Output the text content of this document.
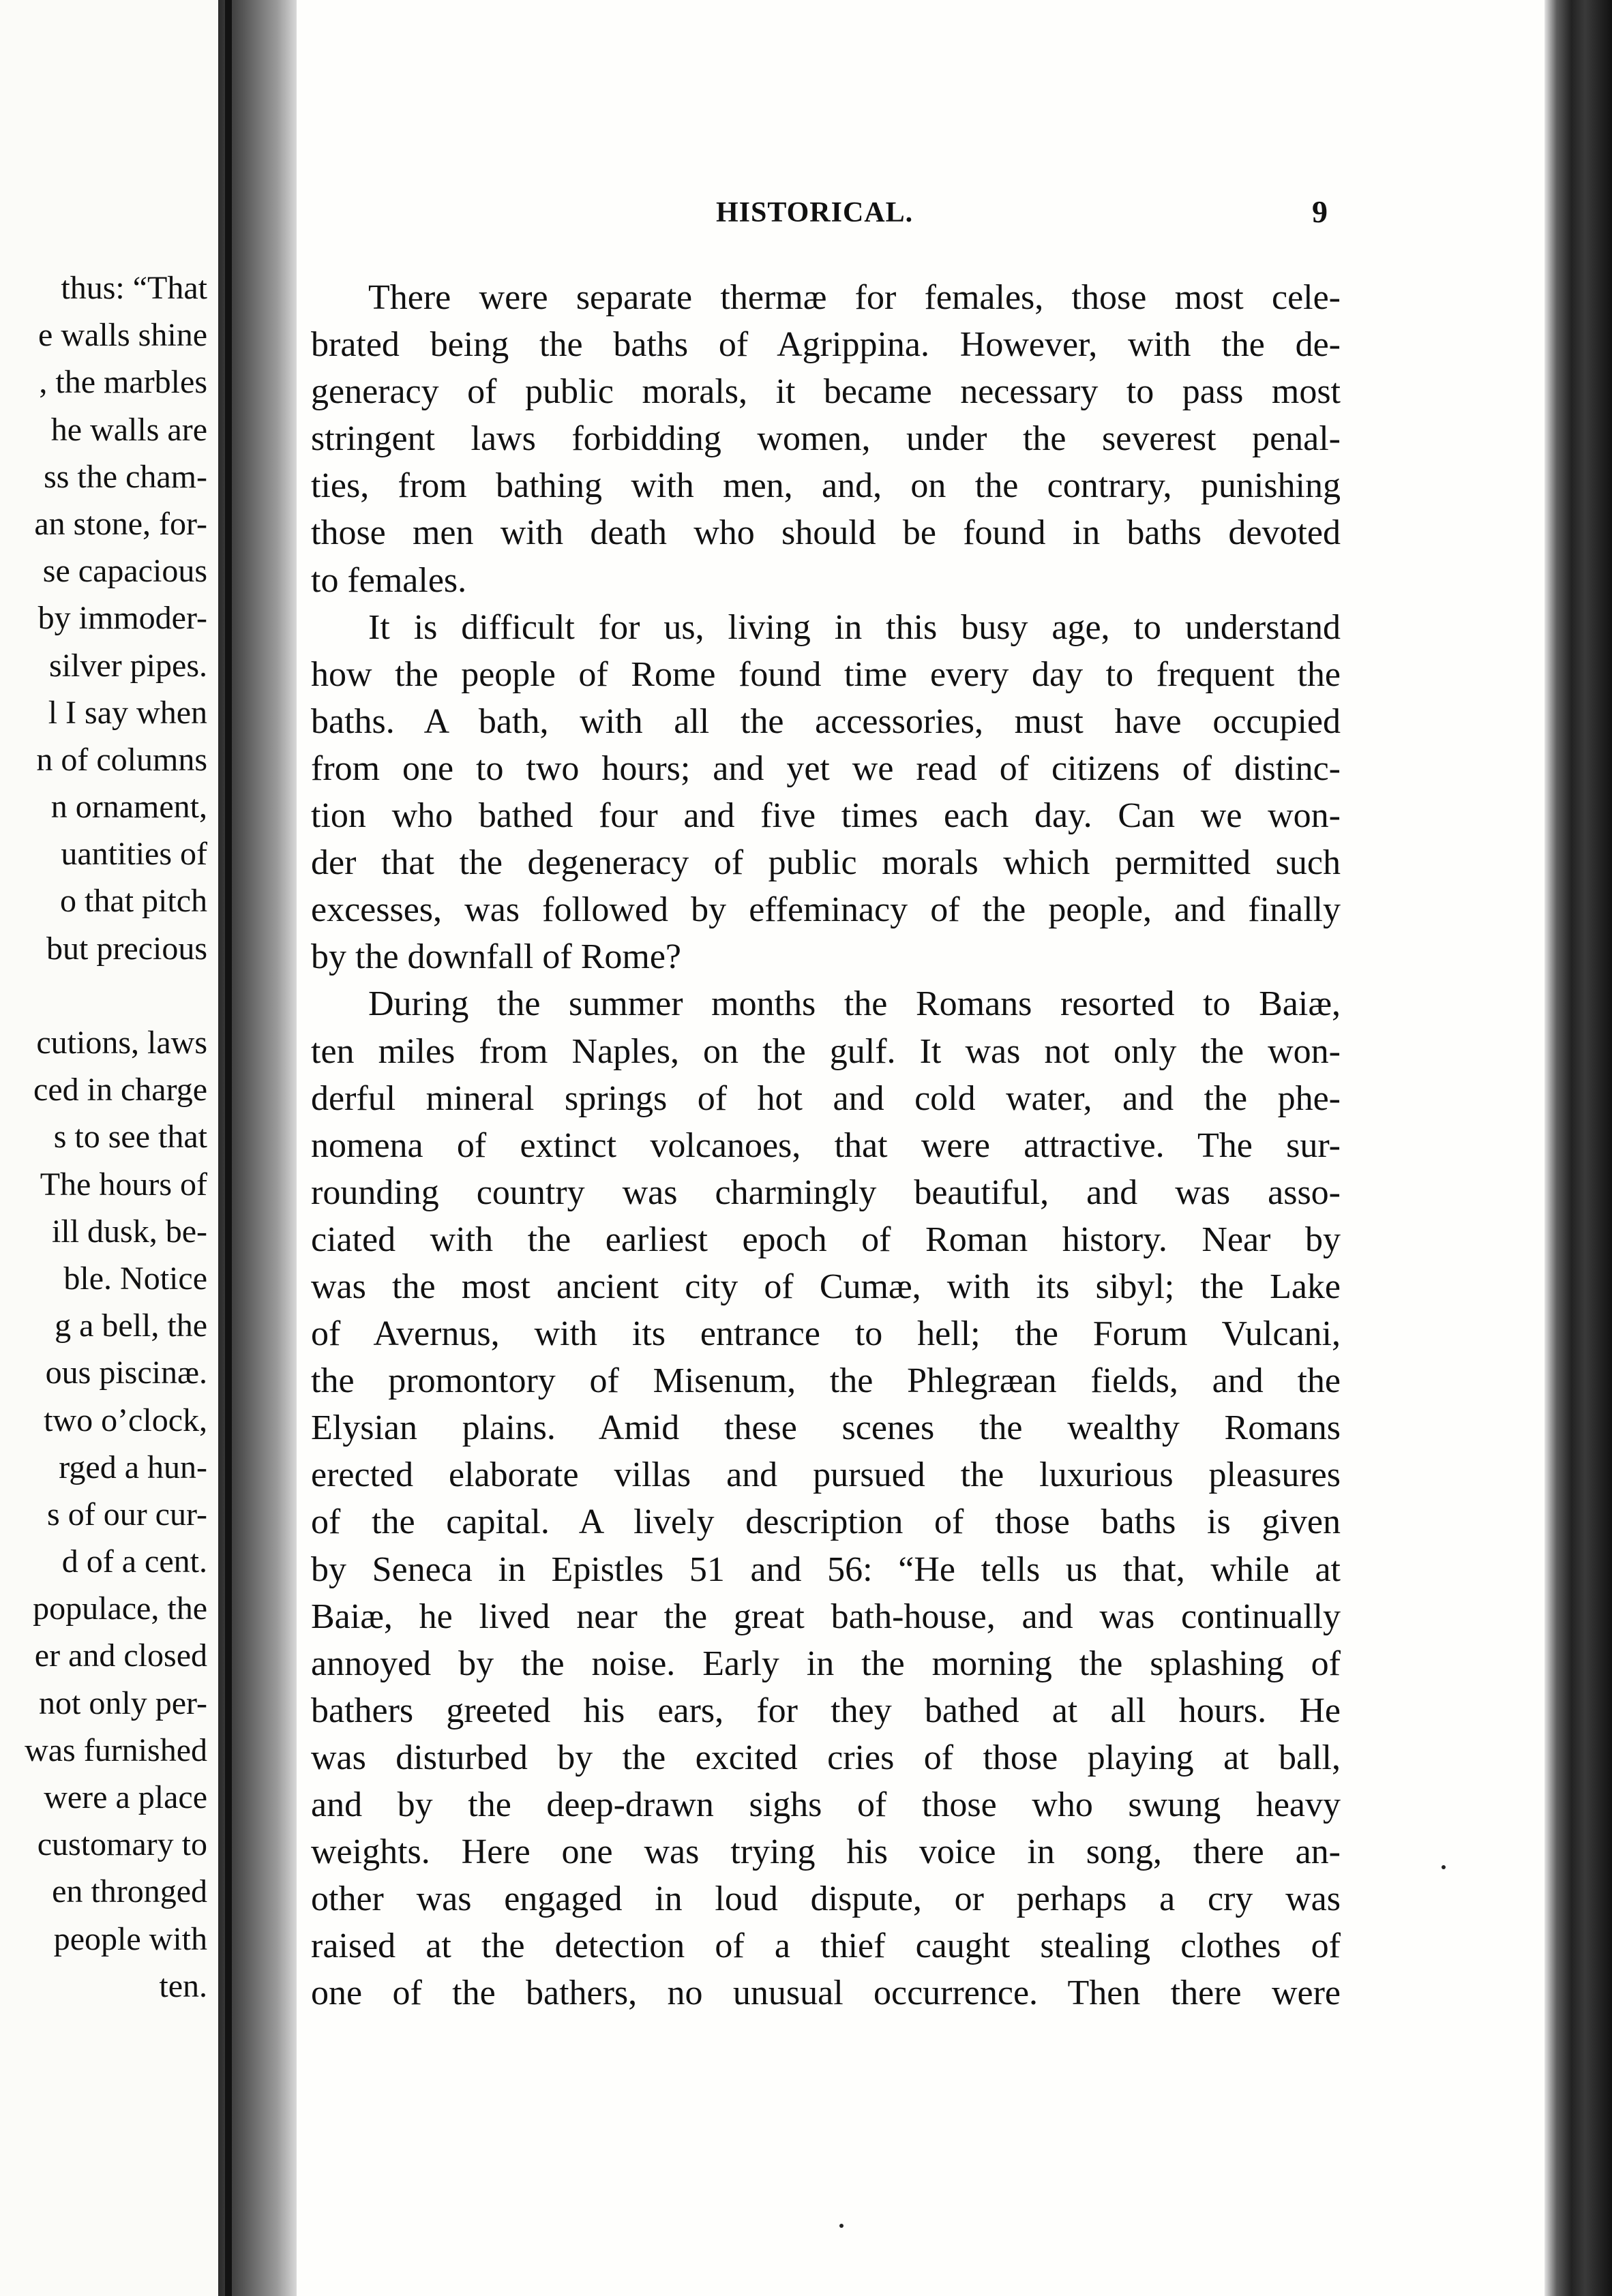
thus: “That
e walls shine
, the marbles
he walls are
ss the cham-
an stone, for-
se capacious
by immoder-
silver pipes.
l I say when
n of columns
n ornament,
uantities of
o that pitch
but precious
cutions, laws
ced in charge
s to see that
The hours of
ill dusk, be-
ble. Notice
g a bell, the
ous piscinæ.
two o’clock,
rged a hun-
s of our cur-
d of a cent.
populace, the
er and closed
not only per-
was furnished
were a place
customary to
en thronged
people with
ten.
HISTORICAL.	9
There were separate thermæ for females, those most cele-
brated being the baths of Agrippina. However, with the de-
generacy of public morals, it became necessary to pass most
stringent laws forbidding women, under the severest penal-
ties, from bathing with men, and, on the contrary, punishing
those men with death who should be found in baths devoted
to females.
It is difficult for us, living in this busy age, to understand
how the people of Rome found time every day to frequent the
baths. A bath, with all the accessories, must have occupied
from one to two hours; and yet we read of citizens of distinc-
tion who bathed four and five times each day. Can we won-
der that the degeneracy of public morals which permitted such
excesses, was followed by effeminacy of the people, and finally
by the downfall of Rome?
During the summer months the Romans resorted to Baiæ,
ten miles from Naples, on the gulf. It was not only the won-
derful mineral springs of hot and cold water, and the phe-
nomena of extinct volcanoes, that were attractive. The sur-
rounding country was charmingly beautiful, and was asso-
ciated with the earliest epoch of Roman history. Near by
was the most ancient city of Cumæ, with its sibyl; the Lake
of Avernus, with its entrance to hell; the Forum Vulcani,
the promontory of Misenum, the Phlegræan fields, and the
Elysian plains. Amid these scenes the wealthy Romans
erected elaborate villas and pursued the luxurious pleasures
of the capital. A lively description of those baths is given
by Seneca in Epistles 51 and 56: “He tells us that, while at
Baiæ, he lived near the great bath-house, and was continually
annoyed by the noise. Early in the morning the splashing of
bathers greeted his ears, for they bathed at all hours. He
was disturbed by the excited cries of those playing at ball,
and by the deep-drawn sighs of those who swung heavy
weights. Here one was trying his voice in song, there an-
other was engaged in loud dispute, or perhaps a cry was
raised at the detection of a thief caught stealing clothes of
one of the bathers, no unusual occurrence. Then there were
